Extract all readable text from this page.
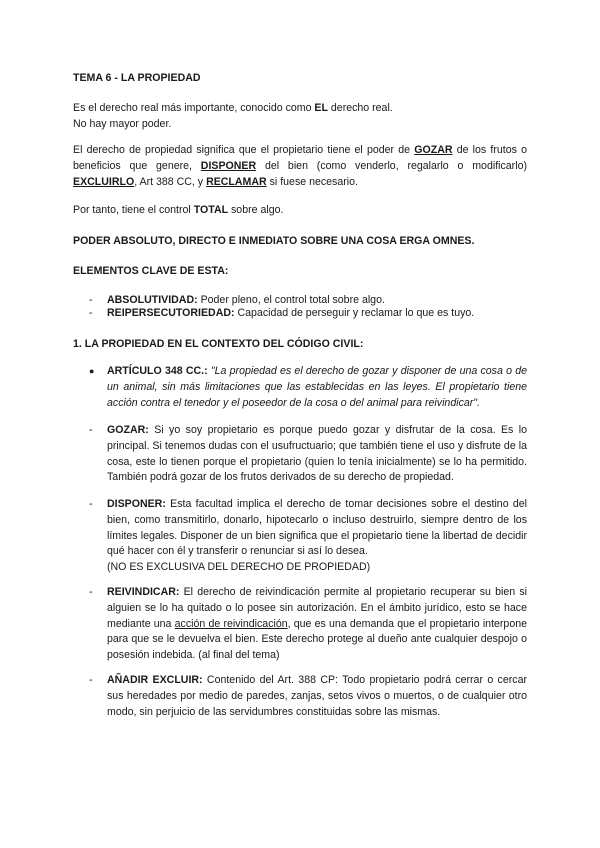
TEMA 6 - LA PROPIEDAD

Es el derecho real más importante, conocido como EL derecho real.
No hay mayor poder.

El derecho de propiedad significa que el propietario tiene el poder de GOZAR de los frutos o beneficios que genere, DISPONER del bien (como venderlo, regalarlo o modificarlo) EXCLUIRLO, Art 388 CC, y RECLAMAR si fuese necesario.

Por tanto, tiene el control TOTAL sobre algo.

PODER ABSOLUTO, DIRECTO E INMEDIATO SOBRE UNA COSA ERGA OMNES.

ELEMENTOS CLAVE DE ESTA:

- ABSOLUTIVIDAD: Poder pleno, el control total sobre algo.

- REIPERSECUTORIEDAD: Capacidad de perseguir y reclamar lo que es tuyo.

1. LA PROPIEDAD EN EL CONTEXTO DEL CÓDIGO CIVIL:

● ARTÍCULO 348 CC.: "La propiedad es el derecho de gozar y disponer de una cosa o de un animal, sin más limitaciones que las establecidas en las leyes. El propietario tiene acción contra el tenedor y el poseedor de la cosa o del animal para reivindicar".

- GOZAR: Si yo soy propietario es porque puedo gozar y disfrutar de la cosa. Es lo principal. Si tenemos dudas con el usufructuario; que también tiene el uso y disfrute de la cosa, este lo tienen porque el propietario (quien lo tenía inicialmente) se lo ha permitido. También podrá gozar de los frutos derivados de su derecho de propiedad.

- DISPONER: Esta facultad implica el derecho de tomar decisiones sobre el destino del bien, como transmitirlo, donarlo, hipotecarlo o incluso destruirlo, siempre dentro de los límites legales. Disponer de un bien significa que el propietario tiene la libertad de decidir qué hacer con él y transferir o renunciar si así lo desea.
(NO ES EXCLUSIVA DEL DERECHO DE PROPIEDAD)

- REIVINDICAR: El derecho de reivindicación permite al propietario recuperar su bien si alguien se lo ha quitado o lo posee sin autorización. En el ámbito jurídico, esto se hace mediante una acción de reivindicación, que es una demanda que el propietario interpone para que se le devuelva el bien. Este derecho protege al dueño ante cualquier despojo o posesión indebida. (al final del tema)

- AÑADIR EXCLUIR: Contenido del Art. 388 CP: Todo propietario podrá cerrar o cercar sus heredades por medio de paredes, zanjas, setos vivos o muertos, o de cualquier otro modo, sin perjuicio de las servidumbres constituidas sobre las mismas.
